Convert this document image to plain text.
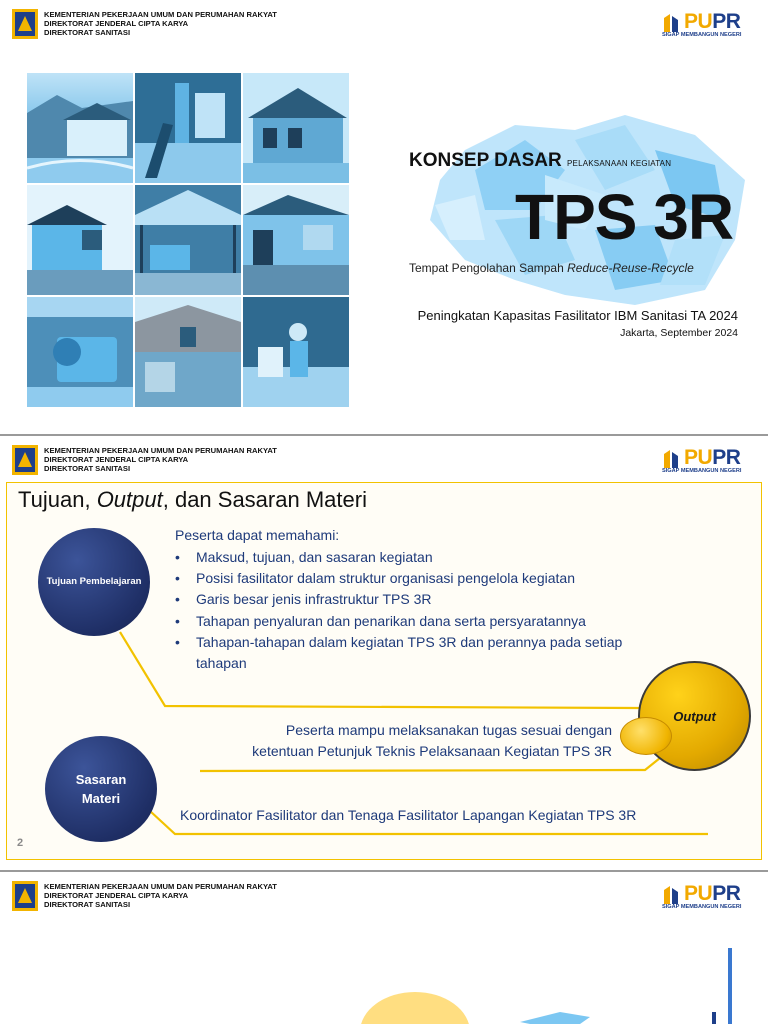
KEMENTERIAN PEKERJAAN UMUM DAN PERUMAHAN RAKYAT
DIREKTORAT JENDERAL CIPTA KARYA
DIREKTORAT SANITASI	PUPR
SIGAP MEMBANGUN NEGERI
KONSEP DASAR PELAKSANAAN KEGIATAN
TPS 3R
Tempat Pengolahan Sampah Reduce-Reuse-Recycle
Peningkatan Kapasitas Fasilitator IBM Sanitasi TA 2024
Jakarta, September 2024
KEMENTERIAN PEKERJAAN UMUM DAN PERUMAHAN RAKYAT
DIREKTORAT JENDERAL CIPTA KARYA
DIREKTORAT SANITASI	PUPR
SIGAP MEMBANGUN NEGERI
Tujuan, Output, dan Sasaran Materi
Tujuan Pembelajaran
Peserta dapat memahami:
• Maksud, tujuan, dan sasaran kegiatan
• Posisi fasilitator dalam struktur organisasi pengelola kegiatan
• Garis besar jenis infrastruktur TPS 3R
• Tahapan penyaluran dan penarikan dana serta persyaratannya
• Tahapan-tahapan dalam kegiatan TPS 3R dan perannya pada setiap tahapan
Output
Peserta mampu melaksanakan tugas sesuai dengan
ketentuan Petunjuk Teknis Pelaksanaan Kegiatan TPS 3R
Sasaran
Materi
Koordinator Fasilitator dan Tenaga Fasilitator Lapangan Kegiatan TPS 3R
2
KEMENTERIAN PEKERJAAN UMUM DAN PERUMAHAN RAKYAT
DIREKTORAT JENDERAL CIPTA KARYA
DIREKTORAT SANITASI	PUPR
SIGAP MEMBANGUN NEGERI
